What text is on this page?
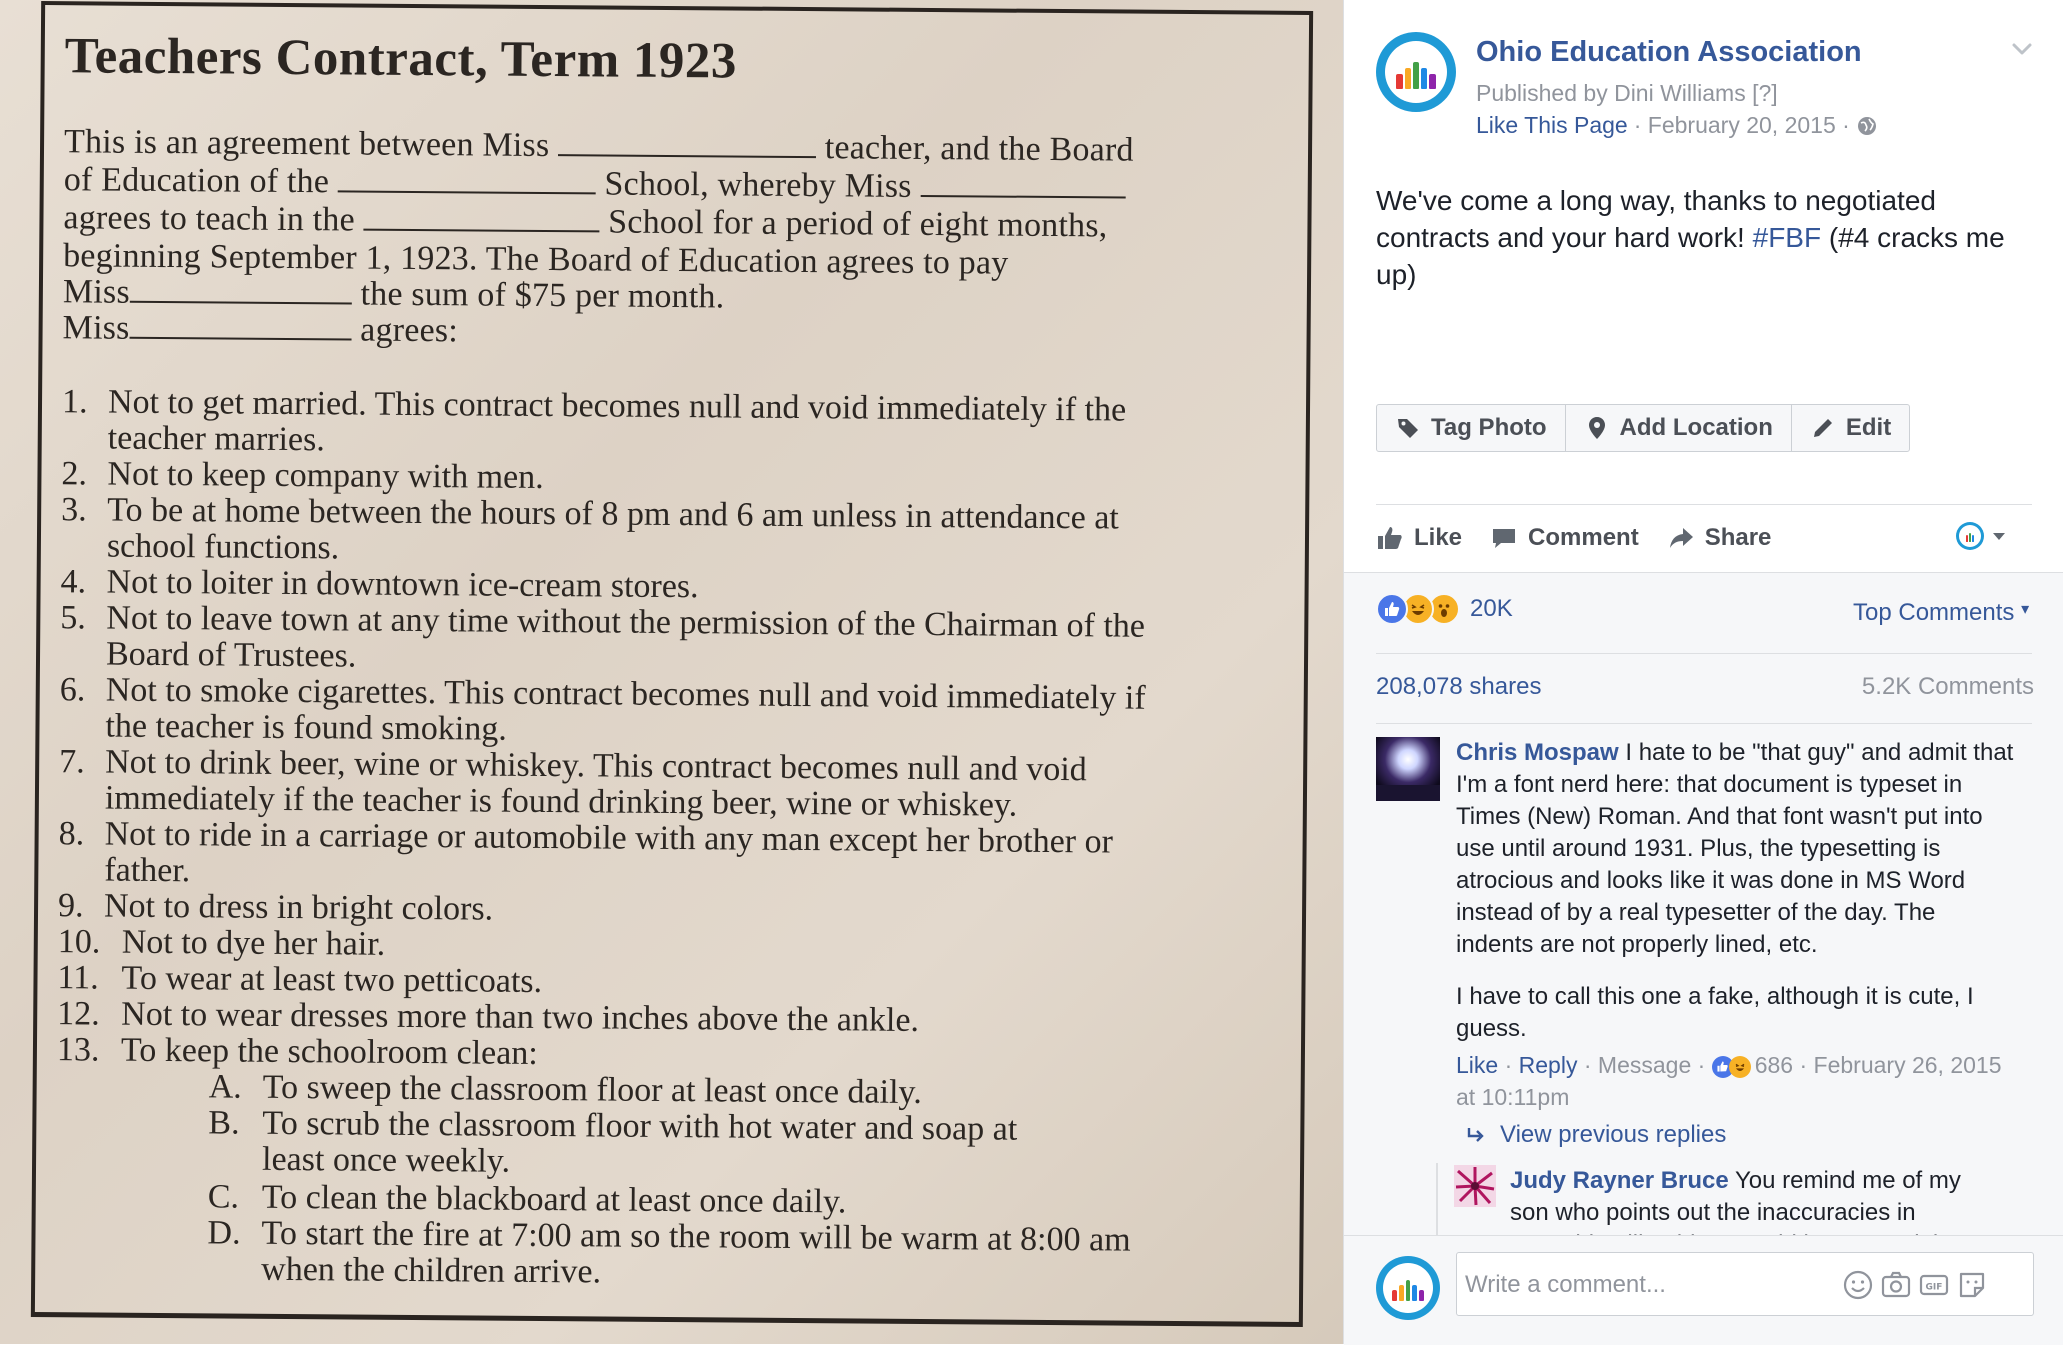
Teachers Contract, Term 1923
This is an agreement between Miss	teacher, and the Board
of Education of the	School, whereby Miss
agrees to teach in the	School for a period of eight months,
beginning September 1, 1923. The Board of Education agrees to pay
Miss	the sum of $75 per month.
Miss	agrees:
1. Not to get married. This contract becomes null and void immediately if the
teacher marries.
2. Not to keep company with men.
3. To be at home between the hours of 8 pm and 6 am unless in attendance at
school functions.
4. Not to loiter in downtown ice-cream stores.
5. Not to leave town at any time without the permission of the Chairman of the
Board of Trustees.
6. Not to smoke cigarettes. This contract becomes null and void immediately if
the teacher is found smoking.
7. Not to drink beer, wine or whiskey. This contract becomes null and void
immediately if the teacher is found drinking beer, wine or whiskey.
8. Not to ride in a carriage or automobile with any man except her brother or
father.
9. Not to dress in bright colors.
10. Not to dye her hair.
11. To wear at least two petticoats.
12. Not to wear dresses more than two inches above the ankle.
13. To keep the schoolroom clean:
A. To sweep the classroom floor at least once daily.
B. To scrub the classroom floor with hot water and soap at
least once weekly.
C. To clean the blackboard at least once daily.
D. To start the fire at 7:00 am so the room will be warm at 8:00 am
when the children arrive.
Ohio Education Association
Published by Dini Williams [?]
Like This Page · February 20, 2015 ·
We've come a long way, thanks to negotiated contracts and your hard work! #FBF (#4 cracks me up)
Tag Photo	Add Location	Edit
Like	Comment	Share
20K	Top Comments ▾
208,078 shares	5.2K Comments
Chris Mospaw I hate to be "that guy" and admit that I'm a font nerd here: that document is typeset in Times (New) Roman. And that font wasn't put into use until around 1931. Plus, the typesetting is atrocious and looks like it was done in MS Word instead of by a real typesetter of the day. The indents are not properly lined, etc.
I have to call this one a fake, although it is cute, I guess.
Like · Reply · Message ·
686 · February 26, 2015 at 10:11pm
View previous replies
Judy Rayner Bruce You remind me of my son who points out the inaccuracies in
Write a comment...	GIF
